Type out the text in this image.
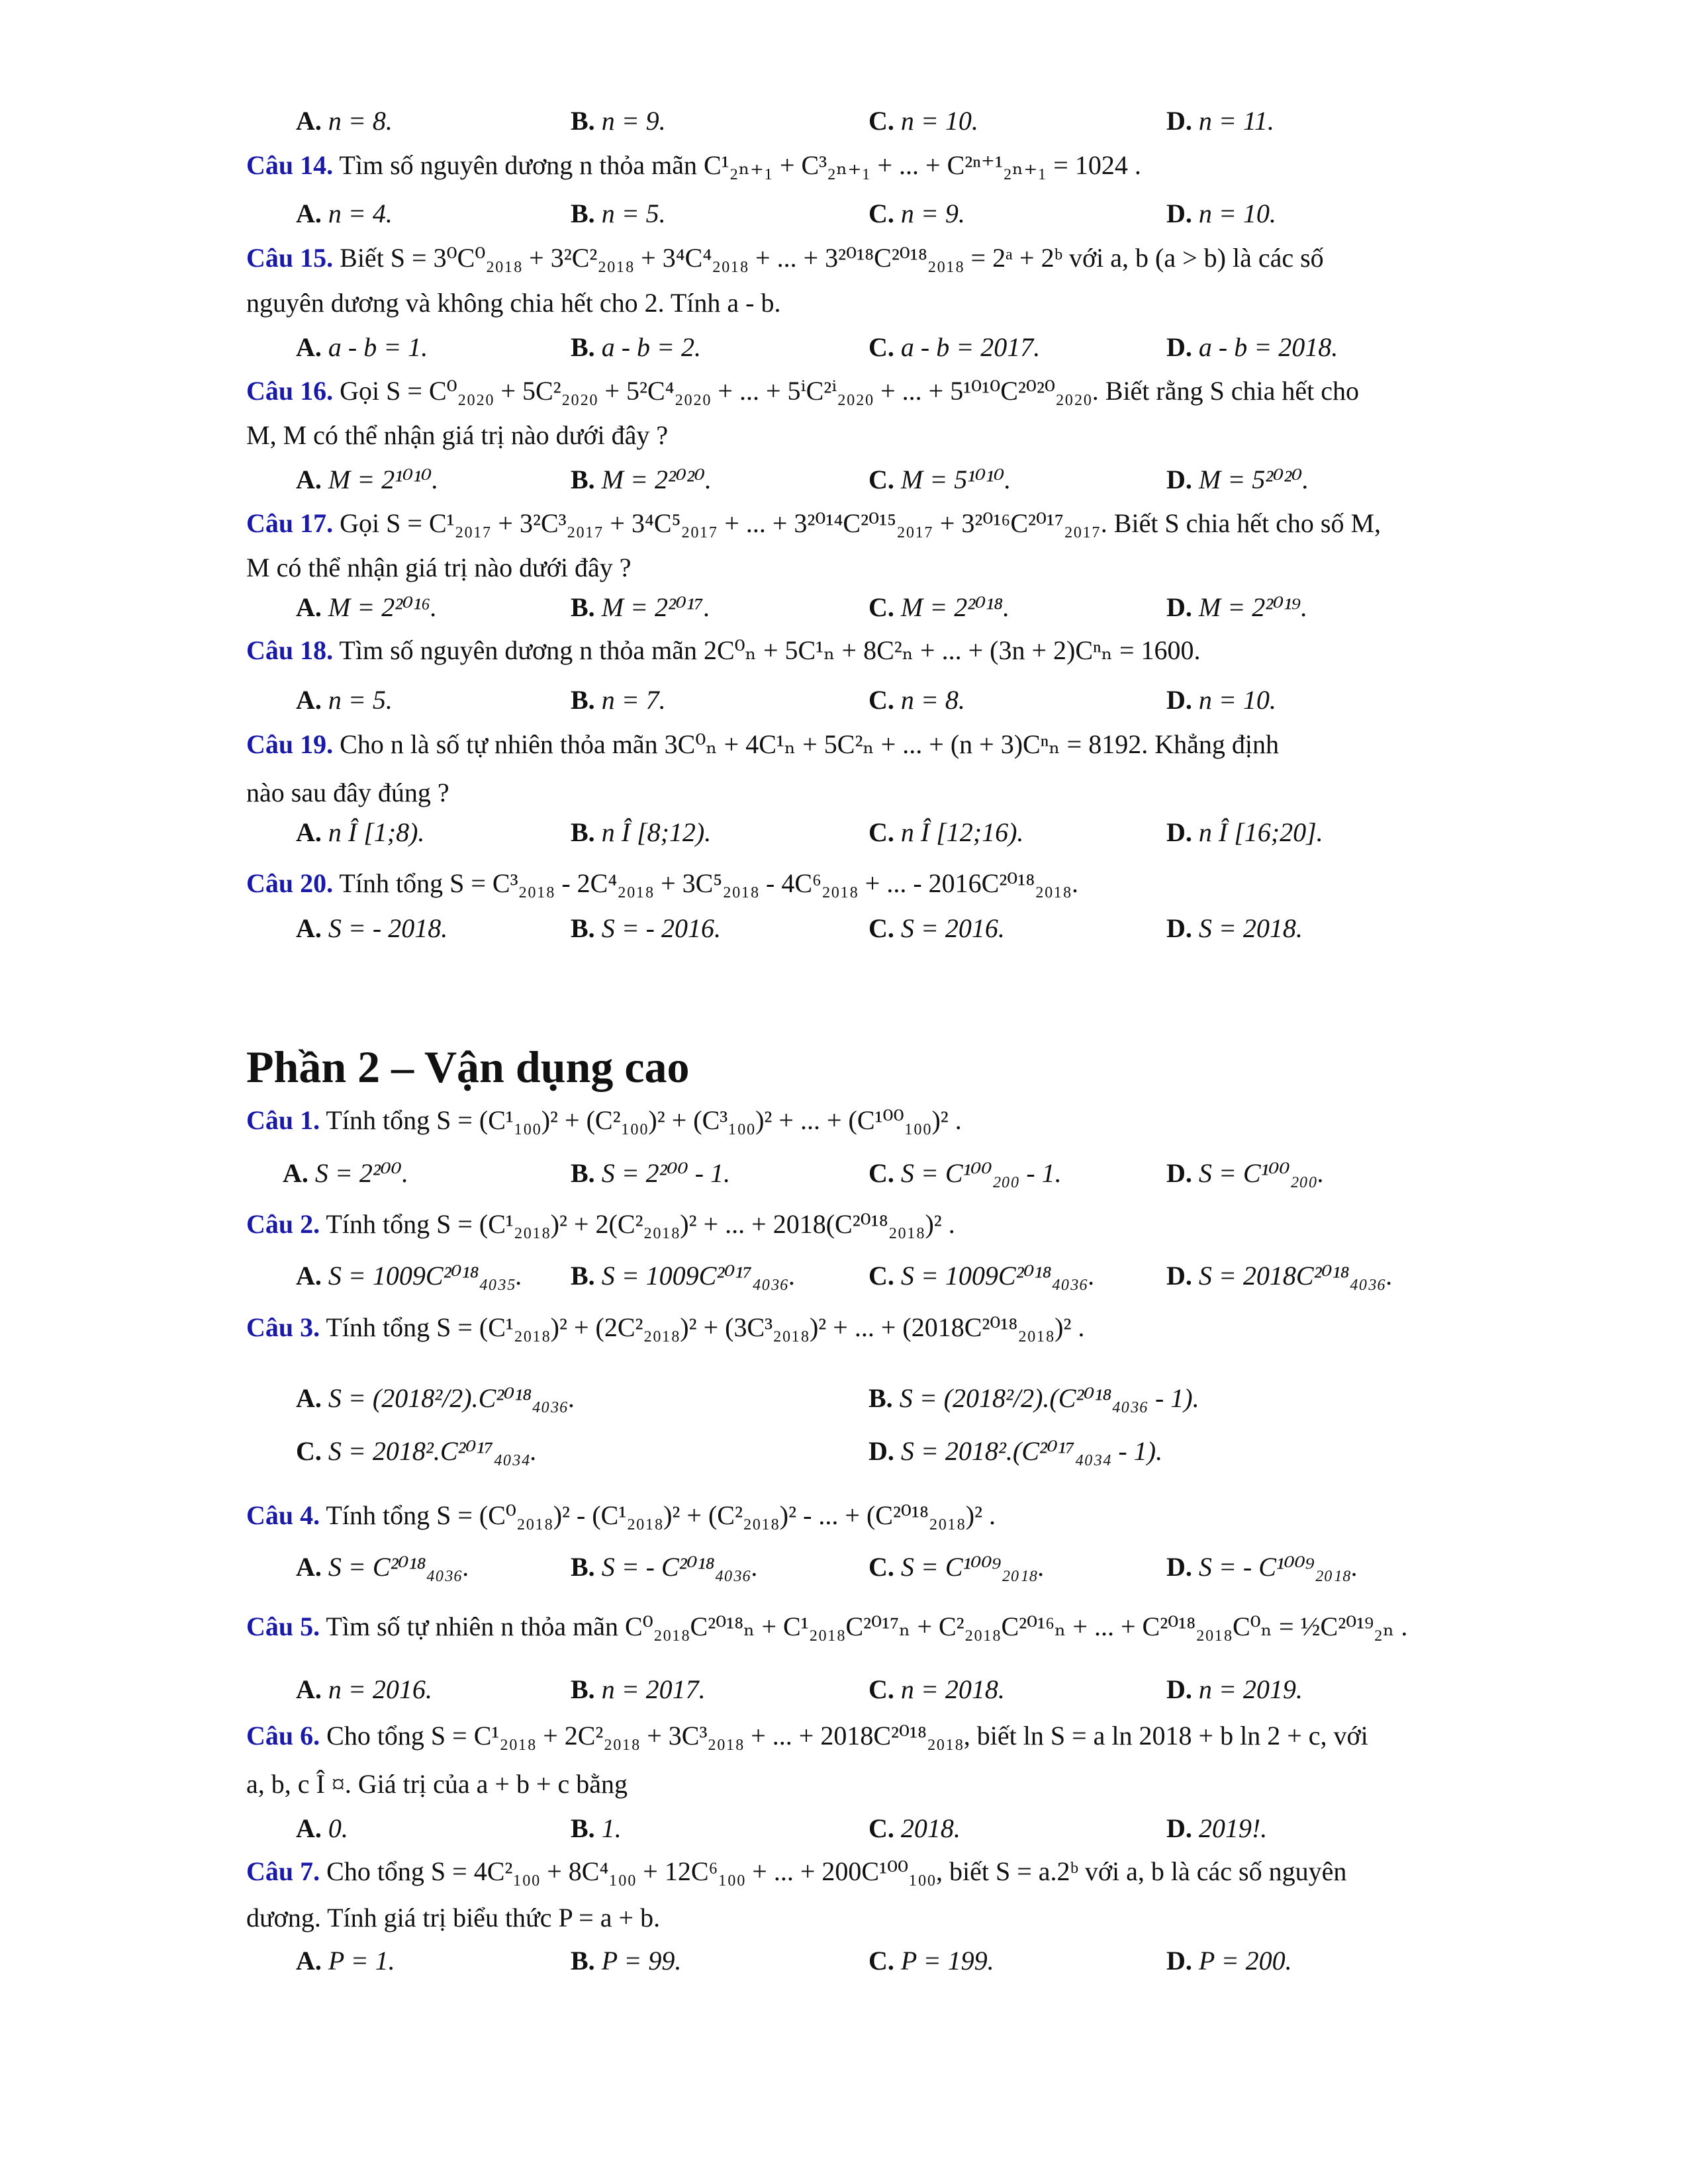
A. n = 8.	B. n = 9.	C. n = 10.	D. n = 11.
Câu 14. Tìm số nguyên dương n thỏa mãn C¹₂ₙ₊₁ + C³₂ₙ₊₁ + ... + C²ⁿ⁺¹₂ₙ₊₁ = 1024 .
A. n = 4.	B. n = 5.	C. n = 9.	D. n = 10.
Câu 15. Biết S = 3⁰C⁰₂₀₁₈ + 3²C²₂₀₁₈ + 3⁴C⁴₂₀₁₈ + ... + 3²⁰¹⁸C²⁰¹⁸₂₀₁₈ = 2ᵃ + 2ᵇ với a, b (a > b) là các số
nguyên dương và không chia hết cho 2. Tính a - b.
A. a - b = 1.	B. a - b = 2.	C. a - b = 2017.	D. a - b = 2018.
Câu 16. Gọi S = C⁰₂₀₂₀ + 5C²₂₀₂₀ + 5²C⁴₂₀₂₀ + ... + 5ⁱC²ⁱ₂₀₂₀ + ... + 5¹⁰¹⁰C²⁰²⁰₂₀₂₀. Biết rằng S chia hết cho
M, M có thể nhận giá trị nào dưới đây ?
A. M = 2¹⁰¹⁰.	B. M = 2²⁰²⁰.	C. M = 5¹⁰¹⁰.	D. M = 5²⁰²⁰.
Câu 17. Gọi S = C¹₂₀₁₇ + 3²C³₂₀₁₇ + 3⁴C⁵₂₀₁₇ + ... + 3²⁰¹⁴C²⁰¹⁵₂₀₁₇ + 3²⁰¹⁶C²⁰¹⁷₂₀₁₇. Biết S chia hết cho số M,
M có thể nhận giá trị nào dưới đây ?
A. M = 2²⁰¹⁶.	B. M = 2²⁰¹⁷.	C. M = 2²⁰¹⁸.	D. M = 2²⁰¹⁹.
Câu 18. Tìm số nguyên dương n thỏa mãn 2C⁰ₙ + 5C¹ₙ + 8C²ₙ + ... + (3n + 2)Cⁿₙ = 1600.
A. n = 5.	B. n = 7.	C. n = 8.	D. n = 10.
Câu 19. Cho n là số tự nhiên thỏa mãn 3C⁰ₙ + 4C¹ₙ + 5C²ₙ + ... + (n + 3)Cⁿₙ = 8192. Khẳng định
nào sau đây đúng ?
A. n Î [1;8).	B. n Î [8;12).	C. n Î [12;16).	D. n Î [16;20].
Câu 20. Tính tổng S = C³₂₀₁₈ - 2C⁴₂₀₁₈ + 3C⁵₂₀₁₈ - 4C⁶₂₀₁₈ + ... - 2016C²⁰¹⁸₂₀₁₈.
A. S = - 2018.	B. S = - 2016.	C. S = 2016.	D. S = 2018.
Phần 2 – Vận dụng cao
Câu 1. Tính tổng S = (C¹₁₀₀)² + (C²₁₀₀)² + (C³₁₀₀)² + ... + (C¹⁰⁰₁₀₀)² .
A. S = 2²⁰⁰.	B. S = 2²⁰⁰ - 1.	C. S = C¹⁰⁰₂₀₀ - 1.	D. S = C¹⁰⁰₂₀₀.
Câu 2. Tính tổng S = (C¹₂₀₁₈)² + 2(C²₂₀₁₈)² + ... + 2018(C²⁰¹⁸₂₀₁₈)² .
A. S = 1009C²⁰¹⁸₄₀₃₅. B. S = 1009C²⁰¹⁷₄₀₃₆.	C. S = 1009C²⁰¹⁸₄₀₃₆.	D. S = 2018C²⁰¹⁸₄₀₃₆.
Câu 3. Tính tổng S = (C¹₂₀₁₈)² + (2C²₂₀₁₈)² + (3C³₂₀₁₈)² + ... + (2018C²⁰¹⁸₂₀₁₈)² .
A. S = (2018²/2).C²⁰¹⁸₄₀₃₆.	B. S = (2018²/2).(C²⁰¹⁸₄₀₃₆ - 1).
C. S = 2018².C²⁰¹⁷₄₀₃₄.	D. S = 2018².(C²⁰¹⁷₄₀₃₄ - 1).
Câu 4. Tính tổng S = (C⁰₂₀₁₈)² - (C¹₂₀₁₈)² + (C²₂₀₁₈)² - ... + (C²⁰¹⁸₂₀₁₈)² .
A. S = C²⁰¹⁸₄₀₃₆.	B. S = - C²⁰¹⁸₄₀₃₆.	C. S = C¹⁰⁰⁹₂₀₁₈.	D. S = - C¹⁰⁰⁹₂₀₁₈.
Câu 5. Tìm số tự nhiên n thỏa mãn C⁰₂₀₁₈C²⁰¹⁸ₙ + C¹₂₀₁₈C²⁰¹⁷ₙ + C²₂₀₁₈C²⁰¹⁶ₙ + ... + C²⁰¹⁸₂₀₁₈C⁰ₙ = ½C²⁰¹⁹₂ₙ .
A. n = 2016.	B. n = 2017.	C. n = 2018.	D. n = 2019.
Câu 6. Cho tổng S = C¹₂₀₁₈ + 2C²₂₀₁₈ + 3C³₂₀₁₈ + ... + 2018C²⁰¹⁸₂₀₁₈, biết ln S = a ln 2018 + b ln 2 + c, với
a, b, c Î ¤. Giá trị của a + b + c bằng
A. 0.	B. 1.	C. 2018.	D. 2019!.
Câu 7. Cho tổng S = 4C²₁₀₀ + 8C⁴₁₀₀ + 12C⁶₁₀₀ + ... + 200C¹⁰⁰₁₀₀, biết S = a.2ᵇ với a, b là các số nguyên
dương. Tính giá trị biểu thức P = a + b.
A. P = 1.	B. P = 99.	C. P = 199.	D. P = 200.
